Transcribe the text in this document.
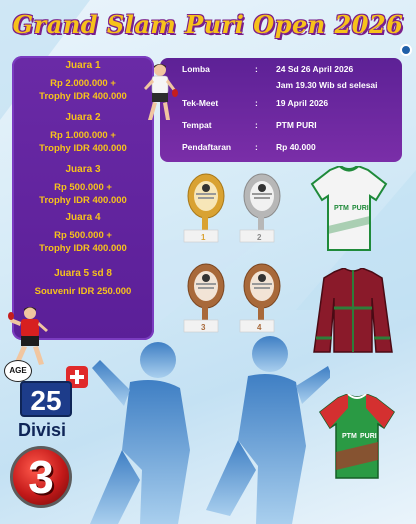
Grand Slam Puri Open 2026
Juara 1
Rp 2.000.000 +
Trophy IDR 400.000
Juara 2
Rp 1.000.000 +
Trophy IDR 400.000
Juara 3
Rp 500.000 +
Trophy IDR 400.000
Juara 4
Rp 500.000 +
Trophy IDR 400.000
Juara 5 sd 8
Souvenir IDR 250.000
Lomba	: 24 Sd 26 April 2026
Jam 19.30 Wib sd selesai
Tek-Meet	: 19 April 2026
Tempat	: PTM PURI
Pendaftaran	: Rp 40.000
1	2
3	4
PTM PURI
PTM PURI
AGE
25
Divisi
3
